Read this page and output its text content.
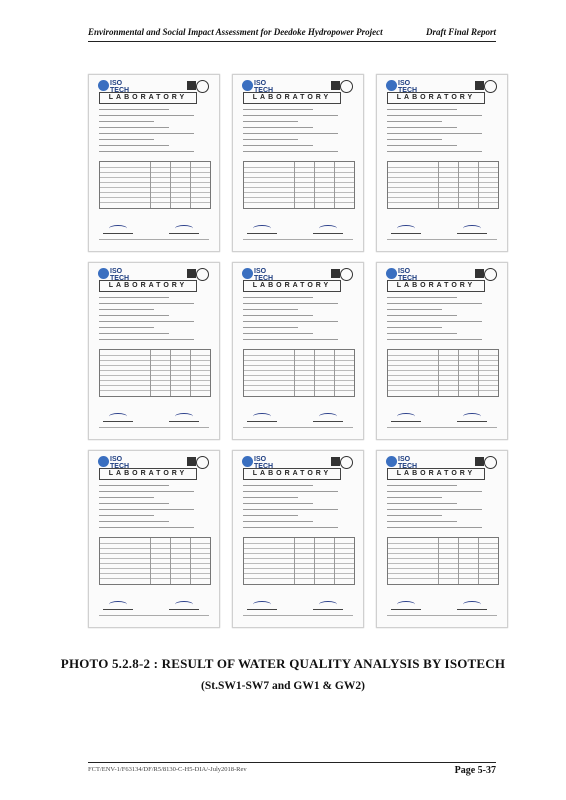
Environmental and Social Impact Assessment for Deedoke Hydropower Project	Draft Final Report
ISO TECH
LABORATORY
ISO TECH
LABORATORY
ISO TECH
LABORATORY
ISO TECH
LABORATORY
ISO TECH
LABORATORY
ISO TECH
LABORATORY
ISO TECH
LABORATORY
ISO TECH
LABORATORY
ISO TECH
LABORATORY
PHOTO 5.2.8-2 : RESULT OF WATER QUALITY ANALYSIS BY ISOTECH
(St.SW1-SW7 and GW1 & GW2)
FCT/ENV-1/F63134/DF/R5/8130-C-H5-DIA/-July2018-Rev	Page 5-37
